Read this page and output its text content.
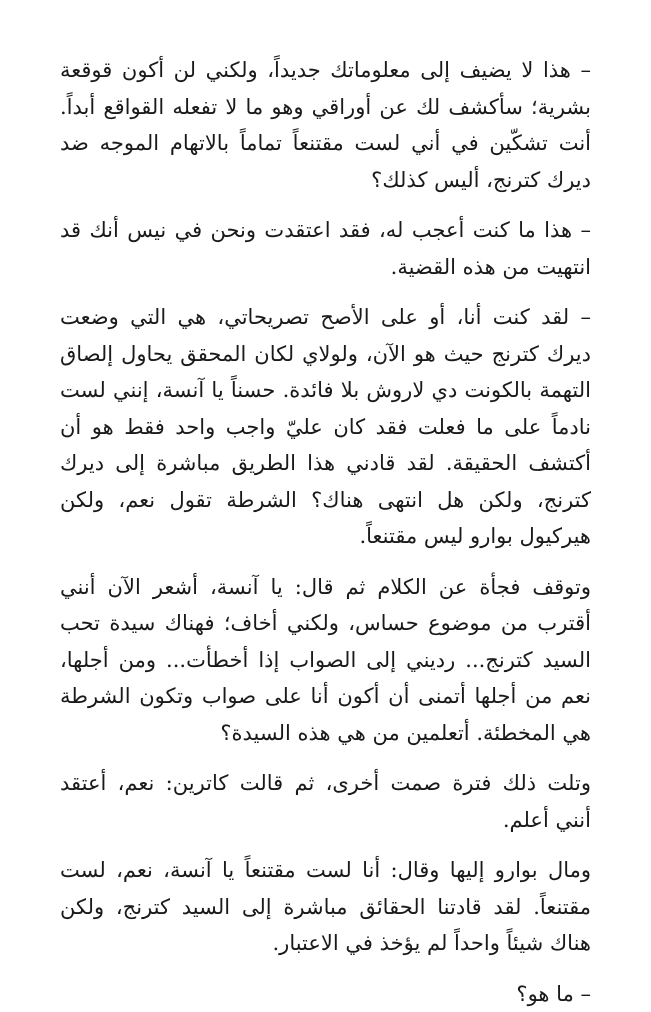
– هذا لا يضيف إلى معلوماتك جديداً، ولكني لن أكون قوقعة بشرية؛ سأكشف لك عن أوراقي وهو ما لا تفعله القواقع أبداً. أنت تشكّين في أني لست مقتنعاً تماماً بالاتهام الموجه ضد ديرك كترنج، أليس كذلك؟

– هذا ما كنت أعجب له، فقد اعتقدت ونحن في نيس أنك قد انتهيت من هذه القضية.

– لقد كنت أنا، أو على الأصح تصريحاتي، هي التي وضعت ديرك كترنج حيث هو الآن، ولولاي لكان المحقق يحاول إلصاق التهمة بالكونت دي لاروش بلا فائدة. حسناً يا آنسة، إنني لست نادماً على ما فعلت فقد كان عليّ واجب واحد فقط هو أن أكتشف الحقيقة. لقد قادني هذا الطريق مباشرة إلى ديرك كترنج، ولكن هل انتهى هناك؟ الشرطة تقول نعم، ولكن هيركيول بوارو ليس مقتنعاً.

وتوقف فجأة عن الكلام ثم قال: يا آنسة، أشعر الآن أنني أقترب من موضوع حساس، ولكني أخاف؛ فهناك سيدة تحب السيد كترنج... رديني إلى الصواب إذا أخطأت... ومن أجلها، نعم من أجلها أتمنى أن أكون أنا على صواب وتكون الشرطة هي المخطئة. أتعلمين من هي هذه السيدة؟

وتلت ذلك فترة صمت أخرى، ثم قالت كاترين: نعم، أعتقد أنني أعلم.

ومال بوارو إليها وقال: أنا لست مقتنعاً يا آنسة، نعم، لست مقتنعاً. لقد قادتنا الحقائق مباشرة إلى السيد كترنج، ولكن هناك شيئاً واحداً لم يؤخذ في الاعتبار.

– ما هو؟
